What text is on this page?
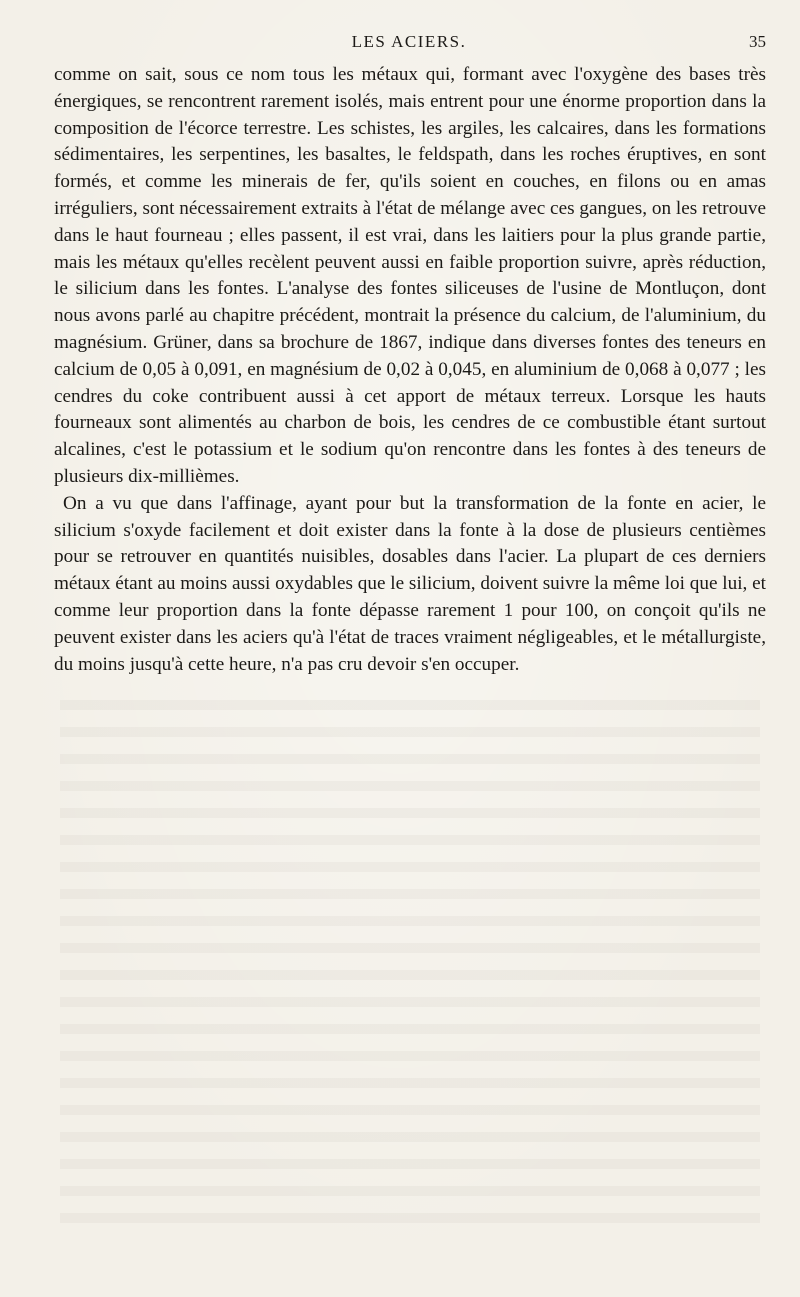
LES ACIERS.	35

comme on sait, sous ce nom tous les métaux qui, formant avec l'oxygène des bases très énergiques, se rencontrent rarement isolés, mais entrent pour une énorme proportion dans la composition de l'écorce terrestre. Les schistes, les argiles, les calcaires, dans les formations sédimentaires, les serpentines, les basaltes, le feldspath, dans les roches éruptives, en sont formés, et comme les minerais de fer, qu'ils soient en couches, en filons ou en amas irréguliers, sont nécessairement extraits à l'état de mélange avec ces gangues, on les retrouve dans le haut fourneau ; elles passent, il est vrai, dans les laitiers pour la plus grande partie, mais les métaux qu'elles recèlent peuvent aussi en faible proportion suivre, après réduction, le silicium dans les fontes. L'analyse des fontes siliceuses de l'usine de Montluçon, dont nous avons parlé au chapitre précédent, montrait la présence du calcium, de l'aluminium, du magnésium. Grüner, dans sa brochure de 1867, indique dans diverses fontes des teneurs en calcium de 0,05 à 0,091, en magnésium de 0,02 à 0,045, en aluminium de 0,068 à 0,077 ; les cendres du coke contribuent aussi à cet apport de métaux terreux. Lorsque les hauts fourneaux sont alimentés au charbon de bois, les cendres de ce combustible étant surtout alcalines, c'est le potassium et le sodium qu'on rencontre dans les fontes à des teneurs de plusieurs dix-millièmes.

On a vu que dans l'affinage, ayant pour but la transformation de la fonte en acier, le silicium s'oxyde facilement et doit exister dans la fonte à la dose de plusieurs centièmes pour se retrouver en quantités nuisibles, dosables dans l'acier. La plupart de ces derniers métaux étant au moins aussi oxydables que le silicium, doivent suivre la même loi que lui, et comme leur proportion dans la fonte dépasse rarement 1 pour 100, on conçoit qu'ils ne peuvent exister dans les aciers qu'à l'état de traces vraiment négligeables, et le métallurgiste, du moins jusqu'à cette heure, n'a pas cru devoir s'en occuper.
